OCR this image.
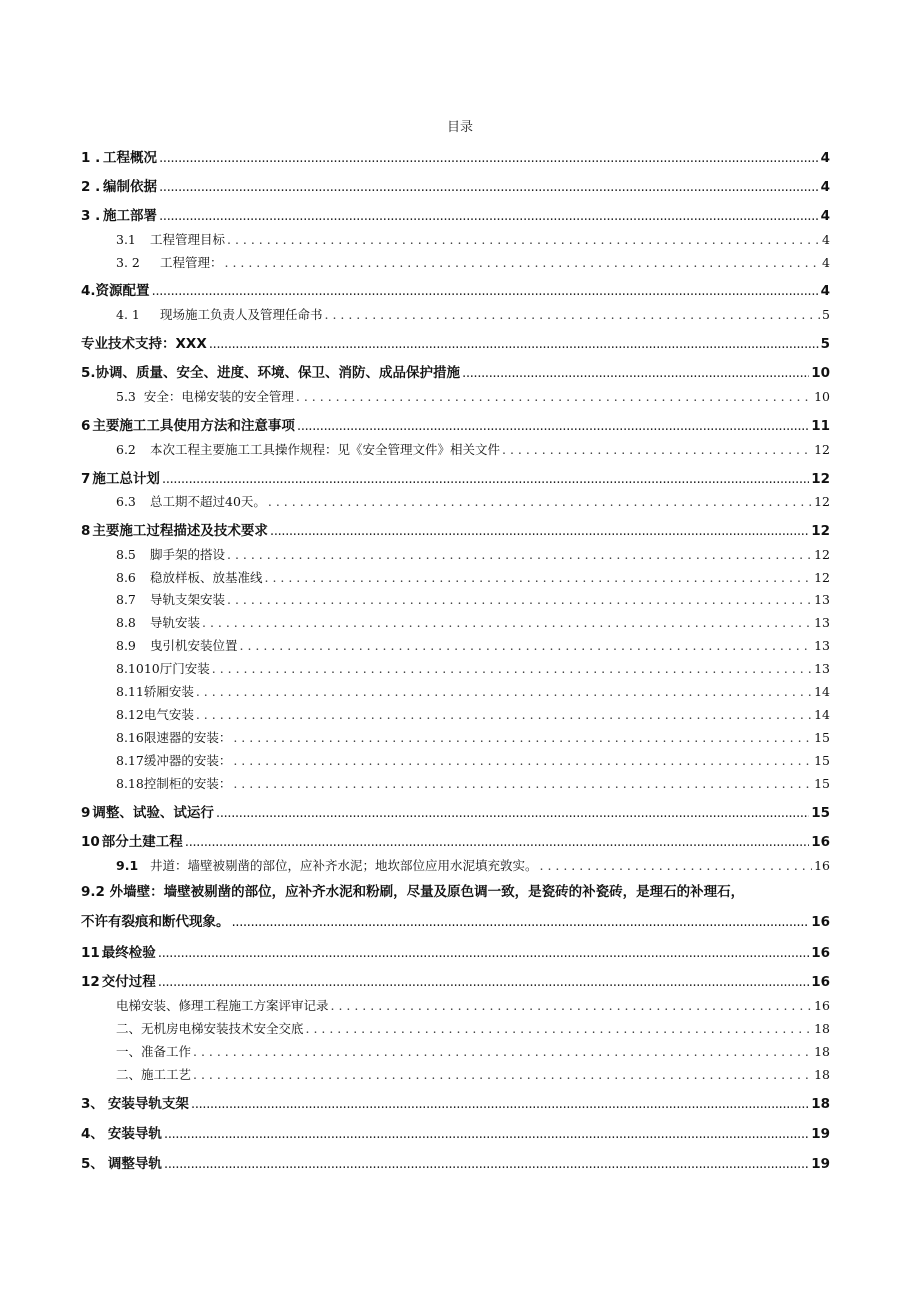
目录
1 . 工程概况 .....	4
2 . 编制依据 .....	4
3 . 施工部署 .....	4
3.1	工程管理目标 . . .	4
3. 2	工程管理： . . .	4
4. 资源配置 .....	4
4. 1	现场施工负责人及管理任命书 . . .	5
专业技术支持：XXX .....	5
5. 协调、质量、安全、进度、环境、保卫、消防、成品保护措施 .....	10
5.3 安全：电梯安装的安全管理 . . .	10
6 主要施工工具使用方法和注意事项 .....	11
6.2	本次工程主要施工工具操作规程：见《安全管理文件》相关文件 . . .	12
7 施工总计划 .....	12
6.3	总工期不超过40天。 . . .	12
8 主要施工过程描述及技术要求 .....	12
8.5	脚手架的搭设 . . .	12
8.6	稳放样板、放基准线 . . .	12
8.7	导轨支架安装 . . .	13
8.8	导轨安装 . . .	13
8.9	曳引机安装位置 . . .	13
8.10 10厅门安装 . . .	13
8.11 轿厢安装 . . .	14
8.12 电气安装 . . .	14
8.16 限速器的安装： . . .	15
8.17 缓冲器的安装： . . .	15
8.18 控制柜的安装： . . .	15
9 调整、试验、试运行 .....	15
10 部分土建工程 .....	16
9.1 井道：墙壁被剔凿的部位，应补齐水泥；地坎部位应用水泥填充敦实。 . . .	16
9.2 外墙壁：墙壁被剔凿的部位，应补齐水泥和粉刷，尽量及原色调一致，是瓷砖的补瓷砖，是理石的补理石，
不许有裂痕和断代现象。 .....	16
11 最终检验 .....	16
12 交付过程 .....	16
电梯安装、修理工程施工方案评审记录 . . .	16
二、无机房电梯安装技术安全交底 . . .	18
一、准备工作 . . .	18
二、施工工艺 . . .	18
3、 安装导轨支架 .....	18
4、 安装导轨 .....	19
5、 调整导轨 .....	19
